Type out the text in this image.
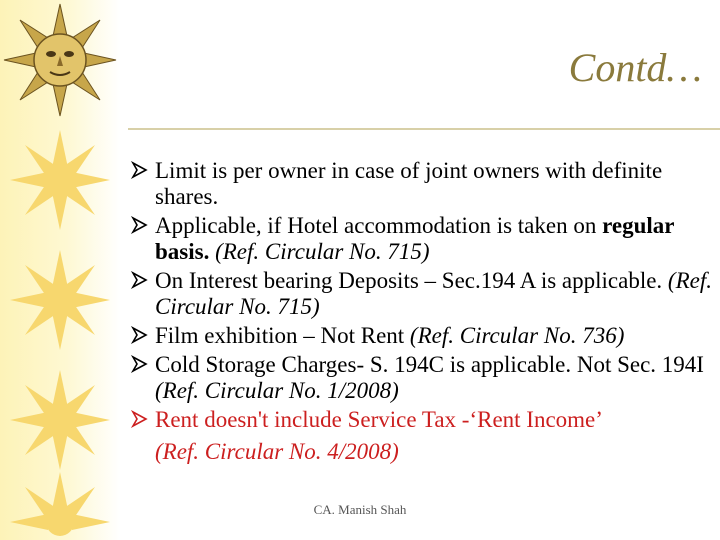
Contd…
Limit is per owner in case of joint owners with definite shares.
Applicable, if Hotel accommodation is taken on regular basis. (Ref. Circular No. 715)
On Interest bearing Deposits – Sec.194 A is applicable. (Ref. Circular No. 715)
Film exhibition – Not Rent (Ref. Circular No. 736)
Cold Storage Charges- S. 194C is applicable. Not Sec. 194I (Ref. Circular No. 1/2008)
Rent doesn't include Service Tax -‘Rent Income’
(Ref. Circular No. 4/2008)
CA. Manish Shah
